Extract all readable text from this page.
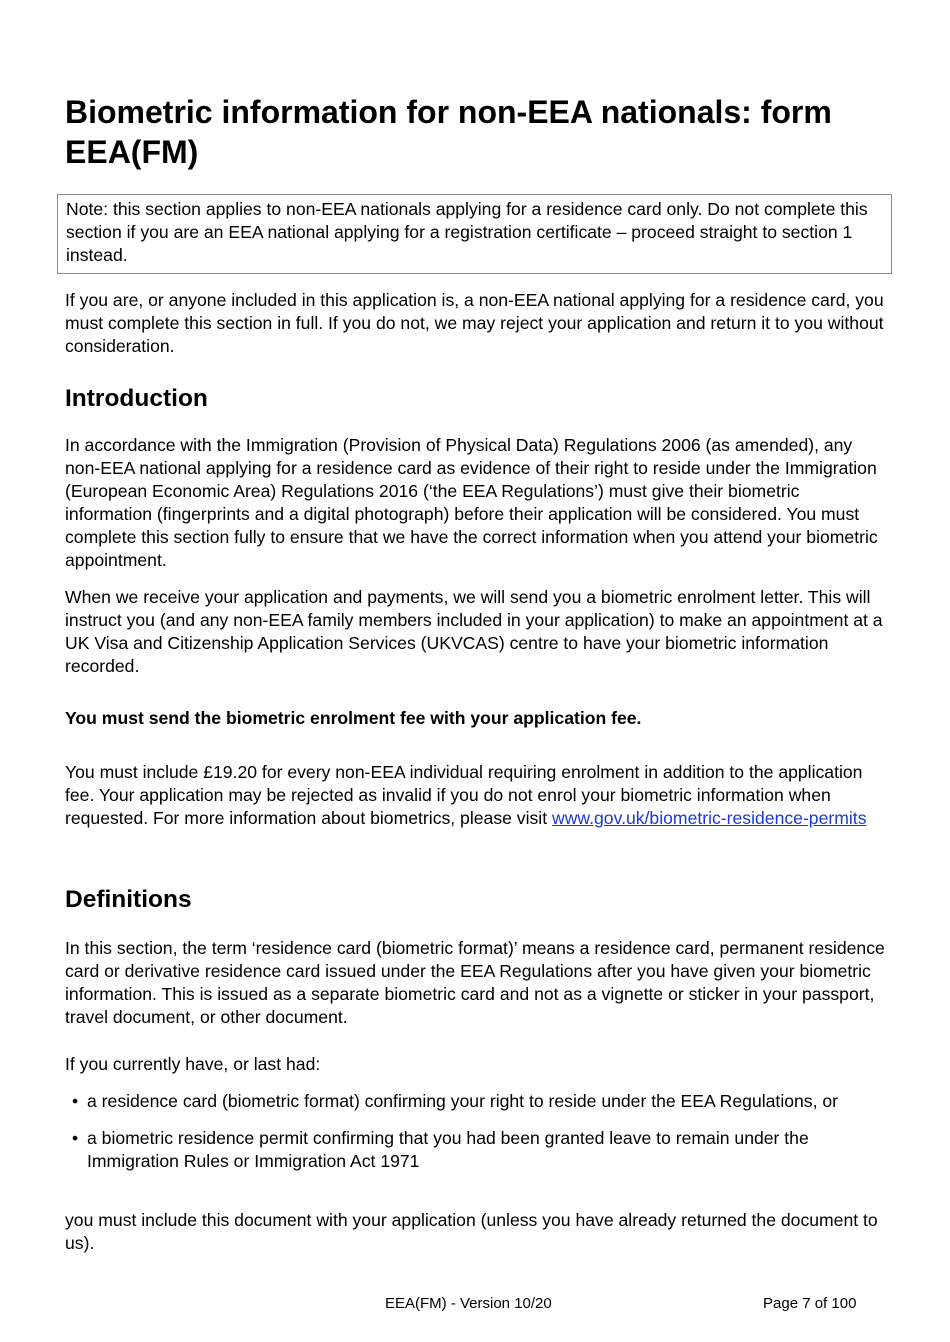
Biometric information for non-EEA nationals: form EEA(FM)
Note: this section applies to non-EEA nationals applying for a residence card only. Do not complete this section if you are an EEA national applying for a registration certificate – proceed straight to section 1 instead.

If you are, or anyone included in this application is, a non-EEA national applying for a residence card, you must complete this section in full. If you do not, we may reject your application and return it to you without consideration.

Introduction

In accordance with the Immigration (Provision of Physical Data) Regulations 2006 (as amended), any non-EEA national applying for a residence card as evidence of their right to reside under the Immigration (European Economic Area) Regulations 2016 (‘the EEA Regulations’) must give their biometric information (fingerprints and a digital photograph) before their application will be considered. You must complete this section fully to ensure that we have the correct information when you attend your biometric appointment.

When we receive your application and payments, we will send you a biometric enrolment letter. This will instruct you (and any non-EEA family members included in your application) to make an appointment at a UK Visa and Citizenship Application Services (UKVCAS) centre to have your biometric information recorded.

You must send the biometric enrolment fee with your application fee.

You must include £19.20 for every non-EEA individual requiring enrolment in addition to the application fee. Your application may be rejected as invalid if you do not enrol your biometric information when requested. For more information about biometrics, please visit www.gov.uk/biometric-residence-permits

Definitions

In this section, the term ‘residence card (biometric format)’ means a residence card, permanent residence card or derivative residence card issued under the EEA Regulations after you have given your biometric information. This is issued as a separate biometric card and not as a vignette or sticker in your passport, travel document, or other document.

If you currently have, or last had:

• a residence card (biometric format) confirming your right to reside under the EEA Regulations, or
• a biometric residence permit confirming that you had been granted leave to remain under the Immigration Rules or Immigration Act 1971

you must include this document with your application (unless you have already returned the document to us).

EEA(FM) - Version 10/20	Page 7 of 100
